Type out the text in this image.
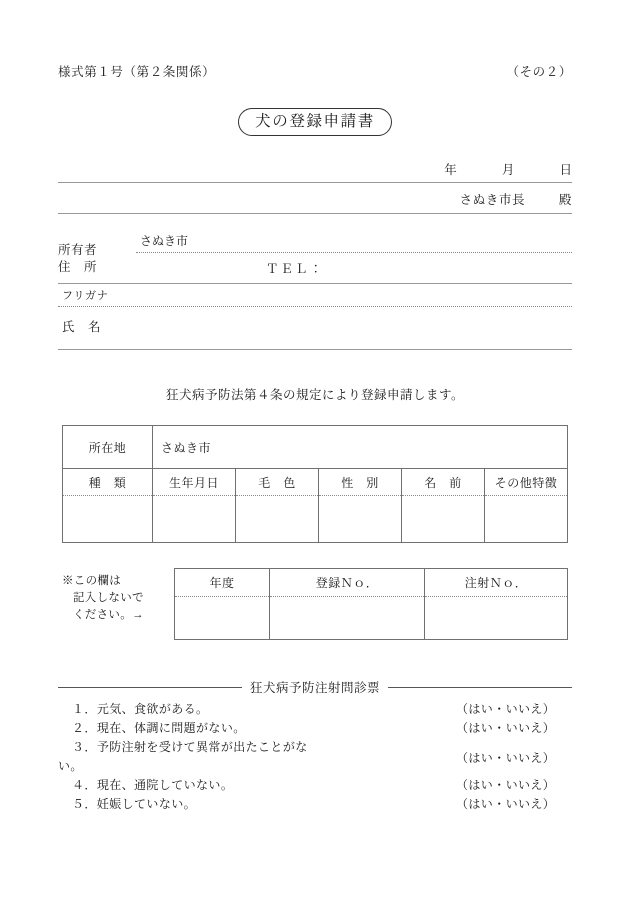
様式第１号（第２条関係）	（その２）
犬の登録申請書
年	月	日
さぬき市長	殿
所有者
住　所
さぬき市
ＴＥＬ：
フリガナ
氏　名
狂犬病予防法第４条の規定により登録申請します。
所在地	さぬき市				
種　類	生年月日	毛　色	性　別	名　前	その他特徴

※この欄は
記入しないで
ください。→
年度	登録Ｎｏ．	注射Ｎｏ．

狂犬病予防注射問診票
１．元気、食欲がある。	（はい・いいえ）
２．現在、体調に問題がない。	（はい・いいえ）
３．予防注射を受けて異常が出たことがな
い。
（はい・いいえ）
４．現在、通院していない。	（はい・いいえ）
５．妊娠していない。	（はい・いいえ）
